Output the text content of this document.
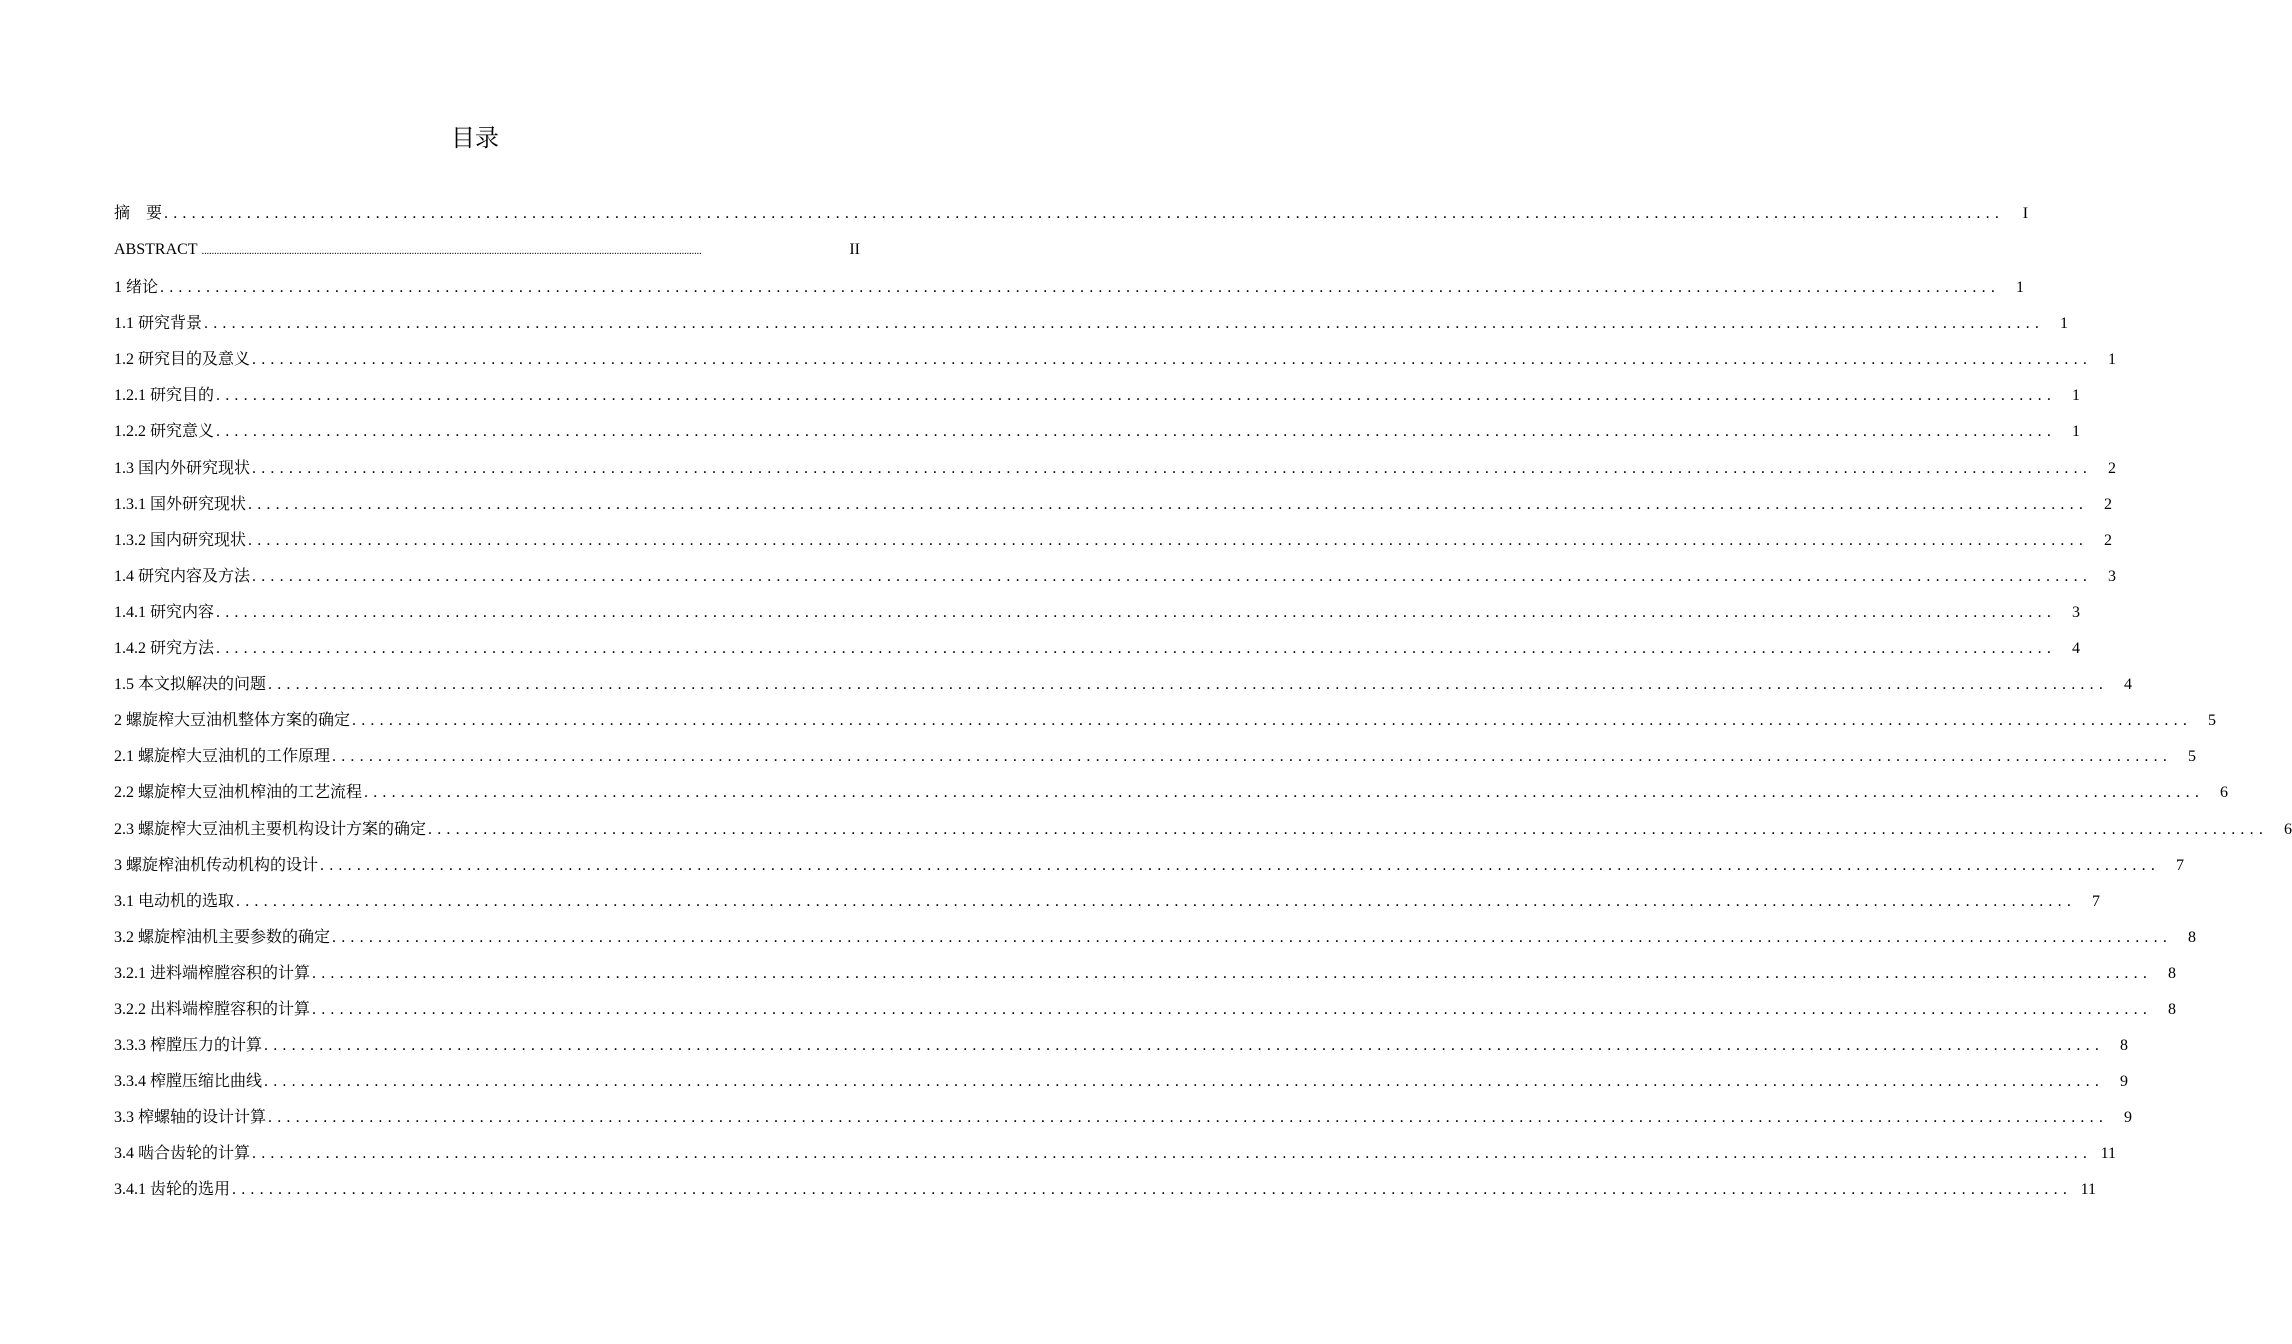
目录
摘　要 ........................................................................................................................................................................................................	I
ABSTRACT ........................................................................................................................................................................................................	II
1 绪论 ........................................................................................................................................................................................................	1
1.1 研究背景 ........................................................................................................................................................................................................	1
1.2 研究目的及意义 ........................................................................................................................................................................................................	1
1.2.1 研究目的 ........................................................................................................................................................................................................	1
1.2.2 研究意义 ........................................................................................................................................................................................................	1
1.3 国内外研究现状 ........................................................................................................................................................................................................	2
1.3.1 国外研究现状 ........................................................................................................................................................................................................	2
1.3.2 国内研究现状 ........................................................................................................................................................................................................	2
1.4 研究内容及方法 ........................................................................................................................................................................................................	3
1.4.1 研究内容 ........................................................................................................................................................................................................	3
1.4.2 研究方法 ........................................................................................................................................................................................................	4
1.5 本文拟解决的问题 ........................................................................................................................................................................................................	4
2 螺旋榨大豆油机整体方案的确定 ........................................................................................................................................................................................................	5
2.1 螺旋榨大豆油机的工作原理 ........................................................................................................................................................................................................	5
2.2 螺旋榨大豆油机榨油的工艺流程 ........................................................................................................................................................................................................	6
2.3 螺旋榨大豆油机主要机构设计方案的确定 ........................................................................................................................................................................................................	6
3 螺旋榨油机传动机构的设计 ........................................................................................................................................................................................................	7
3.1 电动机的选取 ........................................................................................................................................................................................................	7
3.2 螺旋榨油机主要参数的确定 ........................................................................................................................................................................................................	8
3.2.1 进料端榨膛容积的计算 ........................................................................................................................................................................................................	8
3.2.2 出料端榨膛容积的计算 ........................................................................................................................................................................................................	8
3.3.3 榨膛压力的计算 ........................................................................................................................................................................................................	8
3.3.4 榨膛压缩比曲线 ........................................................................................................................................................................................................	9
3.3 榨螺轴的设计计算 ........................................................................................................................................................................................................	9
3.4 啮合齿轮的计算 ........................................................................................................................................................................................................ 11
3.4.1 齿轮的选用 ........................................................................................................................................................................................................ 11
